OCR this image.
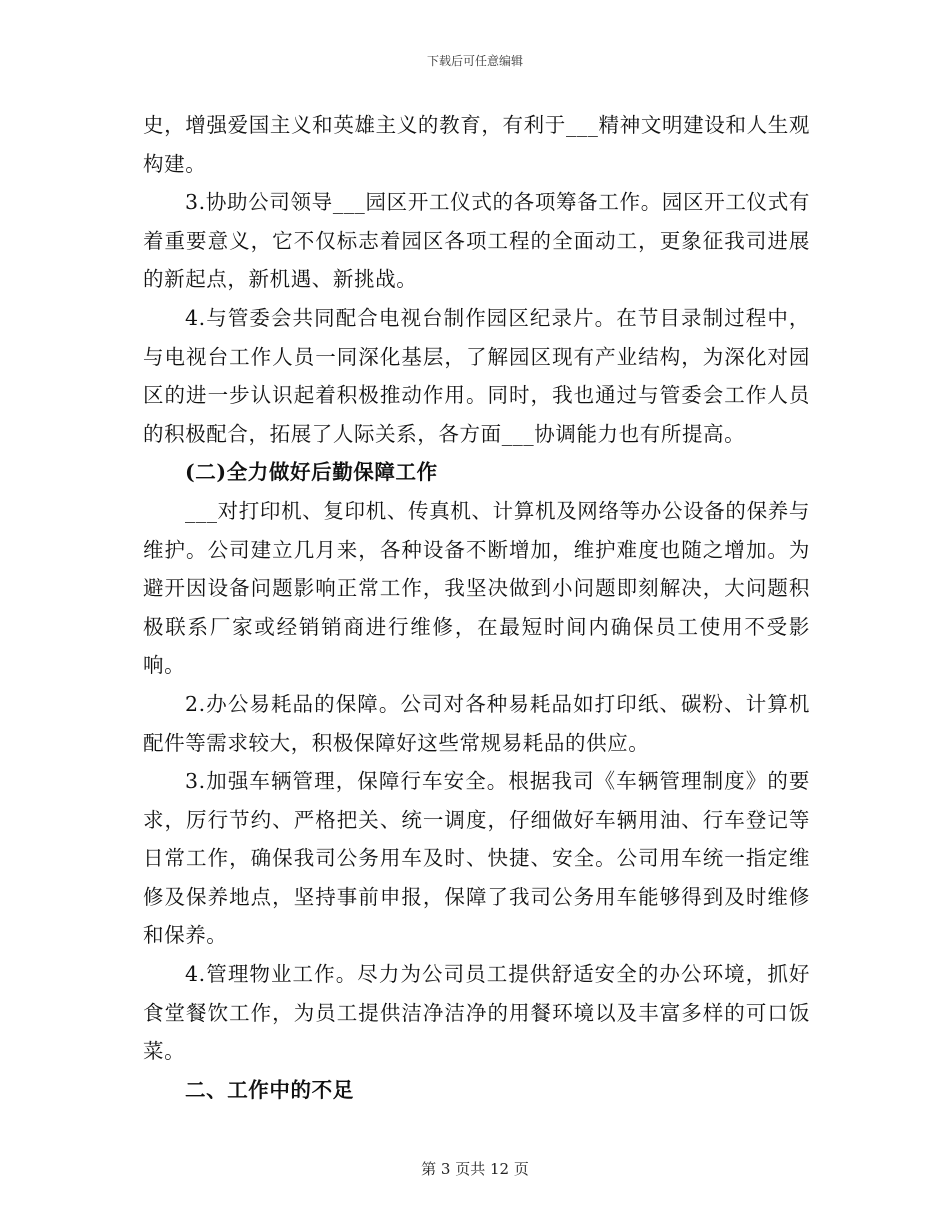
下载后可任意编辑

史，增强爱国主义和英雄主义的教育，有利于___精神文明建设和人生观构建。

3.协助公司领导___园区开工仪式的各项筹备工作。园区开工仪式有着重要意义，它不仅标志着园区各项工程的全面动工，更象征我司进展的新起点，新机遇、新挑战。

4.与管委会共同配合电视台制作园区纪录片。在节目录制过程中，与电视台工作人员一同深化基层，了解园区现有产业结构，为深化对园区的进一步认识起着积极推动作用。同时，我也通过与管委会工作人员的积极配合，拓展了人际关系，各方面___协调能力也有所提高。

(二)全力做好后勤保障工作

___对打印机、复印机、传真机、计算机及网络等办公设备的保养与维护。公司建立几月来，各种设备不断增加，维护难度也随之增加。为避开因设备问题影响正常工作，我坚决做到小问题即刻解决，大问题积极联系厂家或经销销商进行维修，在最短时间内确保员工使用不受影响。

2.办公易耗品的保障。公司对各种易耗品如打印纸、碳粉、计算机配件等需求较大，积极保障好这些常规易耗品的供应。

3.加强车辆管理，保障行车安全。根据我司《车辆管理制度》的要求，厉行节约、严格把关、统一调度，仔细做好车辆用油、行车登记等日常工作，确保我司公务用车及时、快捷、安全。公司用车统一指定维修及保养地点，坚持事前申报，保障了我司公务用车能够得到及时维修和保养。

4.管理物业工作。尽力为公司员工提供舒适安全的办公环境，抓好食堂餐饮工作，为员工提供洁净洁净的用餐环境以及丰富多样的可口饭菜。

二、工作中的不足

第 3 页共 12 页
